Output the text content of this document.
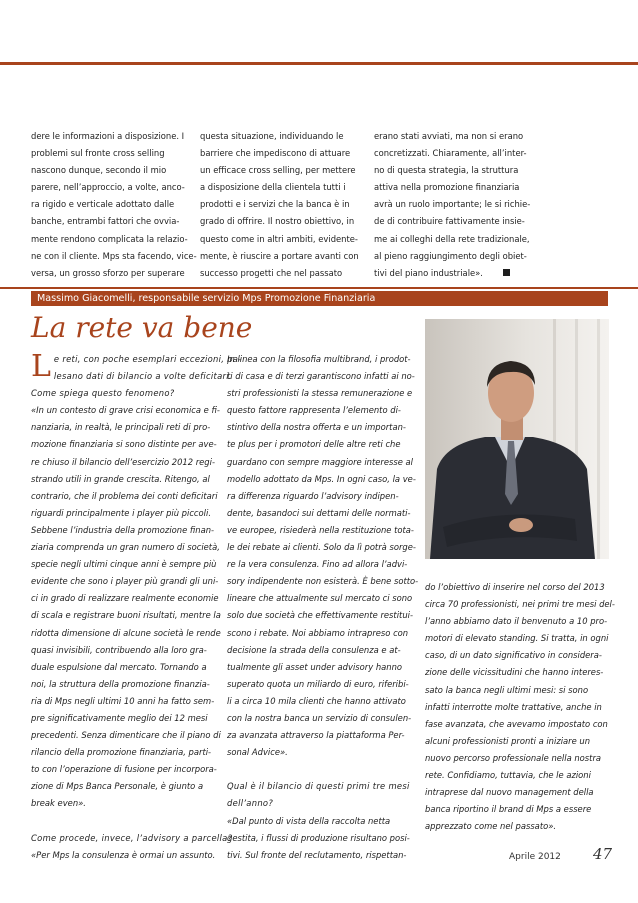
dere le informazioni a disposizione. I
problemi sul fronte cross selling
nascono dunque, secondo il mio
parere, nell’approccio, a volte, anco-
ra rigido e verticale adottato dalle
banche, entrambi fattori che ovvia-
mente rendono complicata la relazio-
ne con il cliente. Mps sta facendo, vice-
versa, un grosso sforzo per superare
questa situazione, individuando le
barriere che impediscono di attuare
un efficace cross selling, per mettere
a disposizione della clientela tutti i
prodotti e i servizi che la banca è in
grado di offrire. Il nostro obiettivo, in
questo come in altri ambiti, evidente-
mente, è riuscire a portare avanti con
successo progetti che nel passato
erano stati avviati, ma non si erano
concretizzati. Chiaramente, all’inter-
no di questa strategia, la struttura
attiva nella promozione finanziaria
avrà un ruolo importante; le si richie-
de di contribuire fattivamente insie-
me ai colleghi della rete tradizionale,
al pieno raggiungimento degli obiet-
tivi del piano industriale».
Massimo Giacomelli, responsabile servizio Mps Promozione Finanziaria
La rete va bene
L e reti, con poche esemplari eccezioni, pa-
lesano dati di bilancio a volte deficitari.
Come spiega questo fenomeno?
«In un contesto di grave crisi economica e fi-
nanziaria, in realtà, le principali reti di pro-
mozione finanziaria si sono distinte per ave-
re chiuso il bilancio dell’esercizio 2012 regi-
strando utili in grande crescita. Ritengo, al
contrario, che il problema dei conti deficitari
riguardi principalmente i player più piccoli.
Sebbene l’industria della promozione finan-
ziaria comprenda un gran numero di società,
specie negli ultimi cinque anni è sempre più
evidente che sono i player più grandi gli uni-
ci in grado di realizzare realmente economie
di scala e registrare buoni risultati, mentre la
ridotta dimensione di alcune società le rende
quasi invisibili, contribuendo alla loro gra-
duale espulsione dal mercato. Tornando a
noi, la struttura della promozione finanzia-
ria di Mps negli ultimi 10 anni ha fatto sem-
pre significativamente meglio dei 12 mesi
precedenti. Senza dimenticare che il piano di
rilancio della promozione finanziaria, parti-
to con l’operazione di fusione per incorpora-
zione di Mps Banca Personale, è giunto a
break even».

Come procede, invece, l’advisory a parcella?
«Per Mps la consulenza è ormai un assunto.
In linea con la filosofia multibrand, i prodot-
ti di casa e di terzi garantiscono infatti ai no-
stri professionisti la stessa remunerazione e
questo fattore rappresenta l’elemento di-
stintivo della nostra offerta e un importan-
te plus per i promotori delle altre reti che
guardano con sempre maggiore interesse al
modello adottato da Mps. In ogni caso, la ve-
ra differenza riguardo l’advisory indipen-
dente, basandoci sui dettami delle normati-
ve europee, risiederà nella restituzione tota-
le dei rebate ai clienti. Solo da lì potrà sorge-
re la vera consulenza. Fino ad allora l’advi-
sory indipendente non esisterà. È bene sotto-
lineare che attualmente sul mercato ci sono
solo due società che effettivamente restitui-
scono i rebate. Noi abbiamo intrapreso con
decisione la strada della consulenza e at-
tualmente gli asset under advisory hanno
superato quota un miliardo di euro, riferibi-
li a circa 10 mila clienti che hanno attivato
con la nostra banca un servizio di consulen-
za avanzata attraverso la piattaforma Per-
sonal Advice».

Qual è il bilancio di questi primi tre mesi
dell’anno?
«Dal punto di vista della raccolta netta
gestita, i flussi di produzione risultano posi-
tivi. Sul fronte del reclutamento, rispettan-
do l’obiettivo di inserire nel corso del 2013
circa 70 professionisti, nei primi tre mesi del-
l’anno abbiamo dato il benvenuto a 10 pro-
motori di elevato standing. Si tratta, in ogni
caso, di un dato significativo in considera-
zione delle vicissitudini che hanno interes-
sato la banca negli ultimi mesi: si sono
infatti interrotte molte trattative, anche in
fase avanzata, che avevamo impostato con
alcuni professionisti pronti a iniziare un
nuovo percorso professionale nella nostra
rete. Confidiamo, tuttavia, che le azioni
intraprese dal nuovo management della
banca riportino il brand di Mps a essere
apprezzato come nel passato».
Aprile 2012 47
